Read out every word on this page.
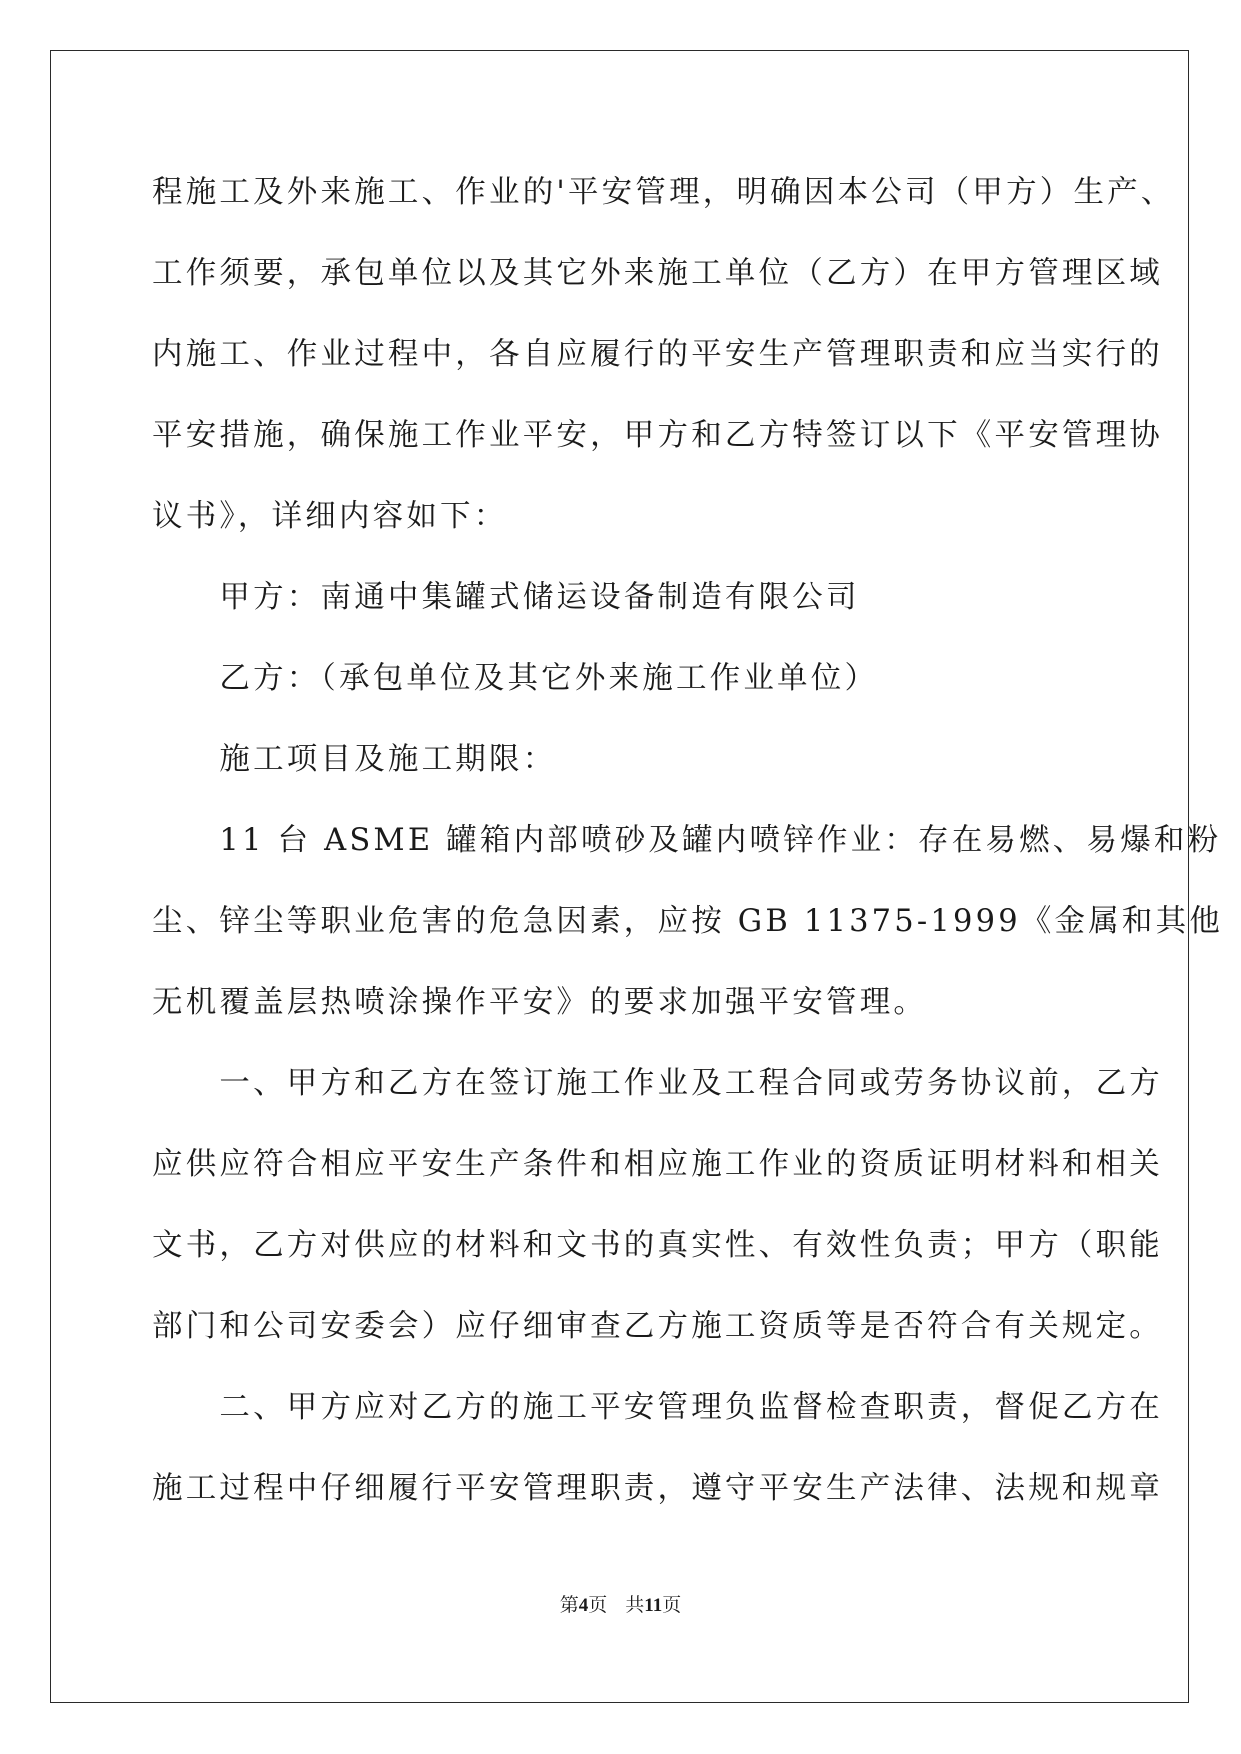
程施工及外来施工、作业的'平安管理，明确因本公司（甲方）生产、
工作须要，承包单位以及其它外来施工单位（乙方）在甲方管理区域
内施工、作业过程中，各自应履行的平安生产管理职责和应当实行的
平安措施，确保施工作业平安，甲方和乙方特签订以下《平安管理协
议书》，详细内容如下：
　　甲方：南通中集罐式储运设备制造有限公司
　　乙方：（承包单位及其它外来施工作业单位）
　　施工项目及施工期限：
　　11 台 ASME 罐箱内部喷砂及罐内喷锌作业：存在易燃、易爆和粉
尘、锌尘等职业危害的危急因素，应按 GB 11375-1999《金属和其他
无机覆盖层热喷涂操作平安》的要求加强平安管理。
　　一、甲方和乙方在签订施工作业及工程合同或劳务协议前，乙方
应供应符合相应平安生产条件和相应施工作业的资质证明材料和相关
文书，乙方对供应的材料和文书的真实性、有效性负责；甲方（职能
部门和公司安委会）应仔细审查乙方施工资质等是否符合有关规定。
　　二、甲方应对乙方的施工平安管理负监督检查职责，督促乙方在
施工过程中仔细履行平安管理职责，遵守平安生产法律、法规和规章
第4页 共11页
